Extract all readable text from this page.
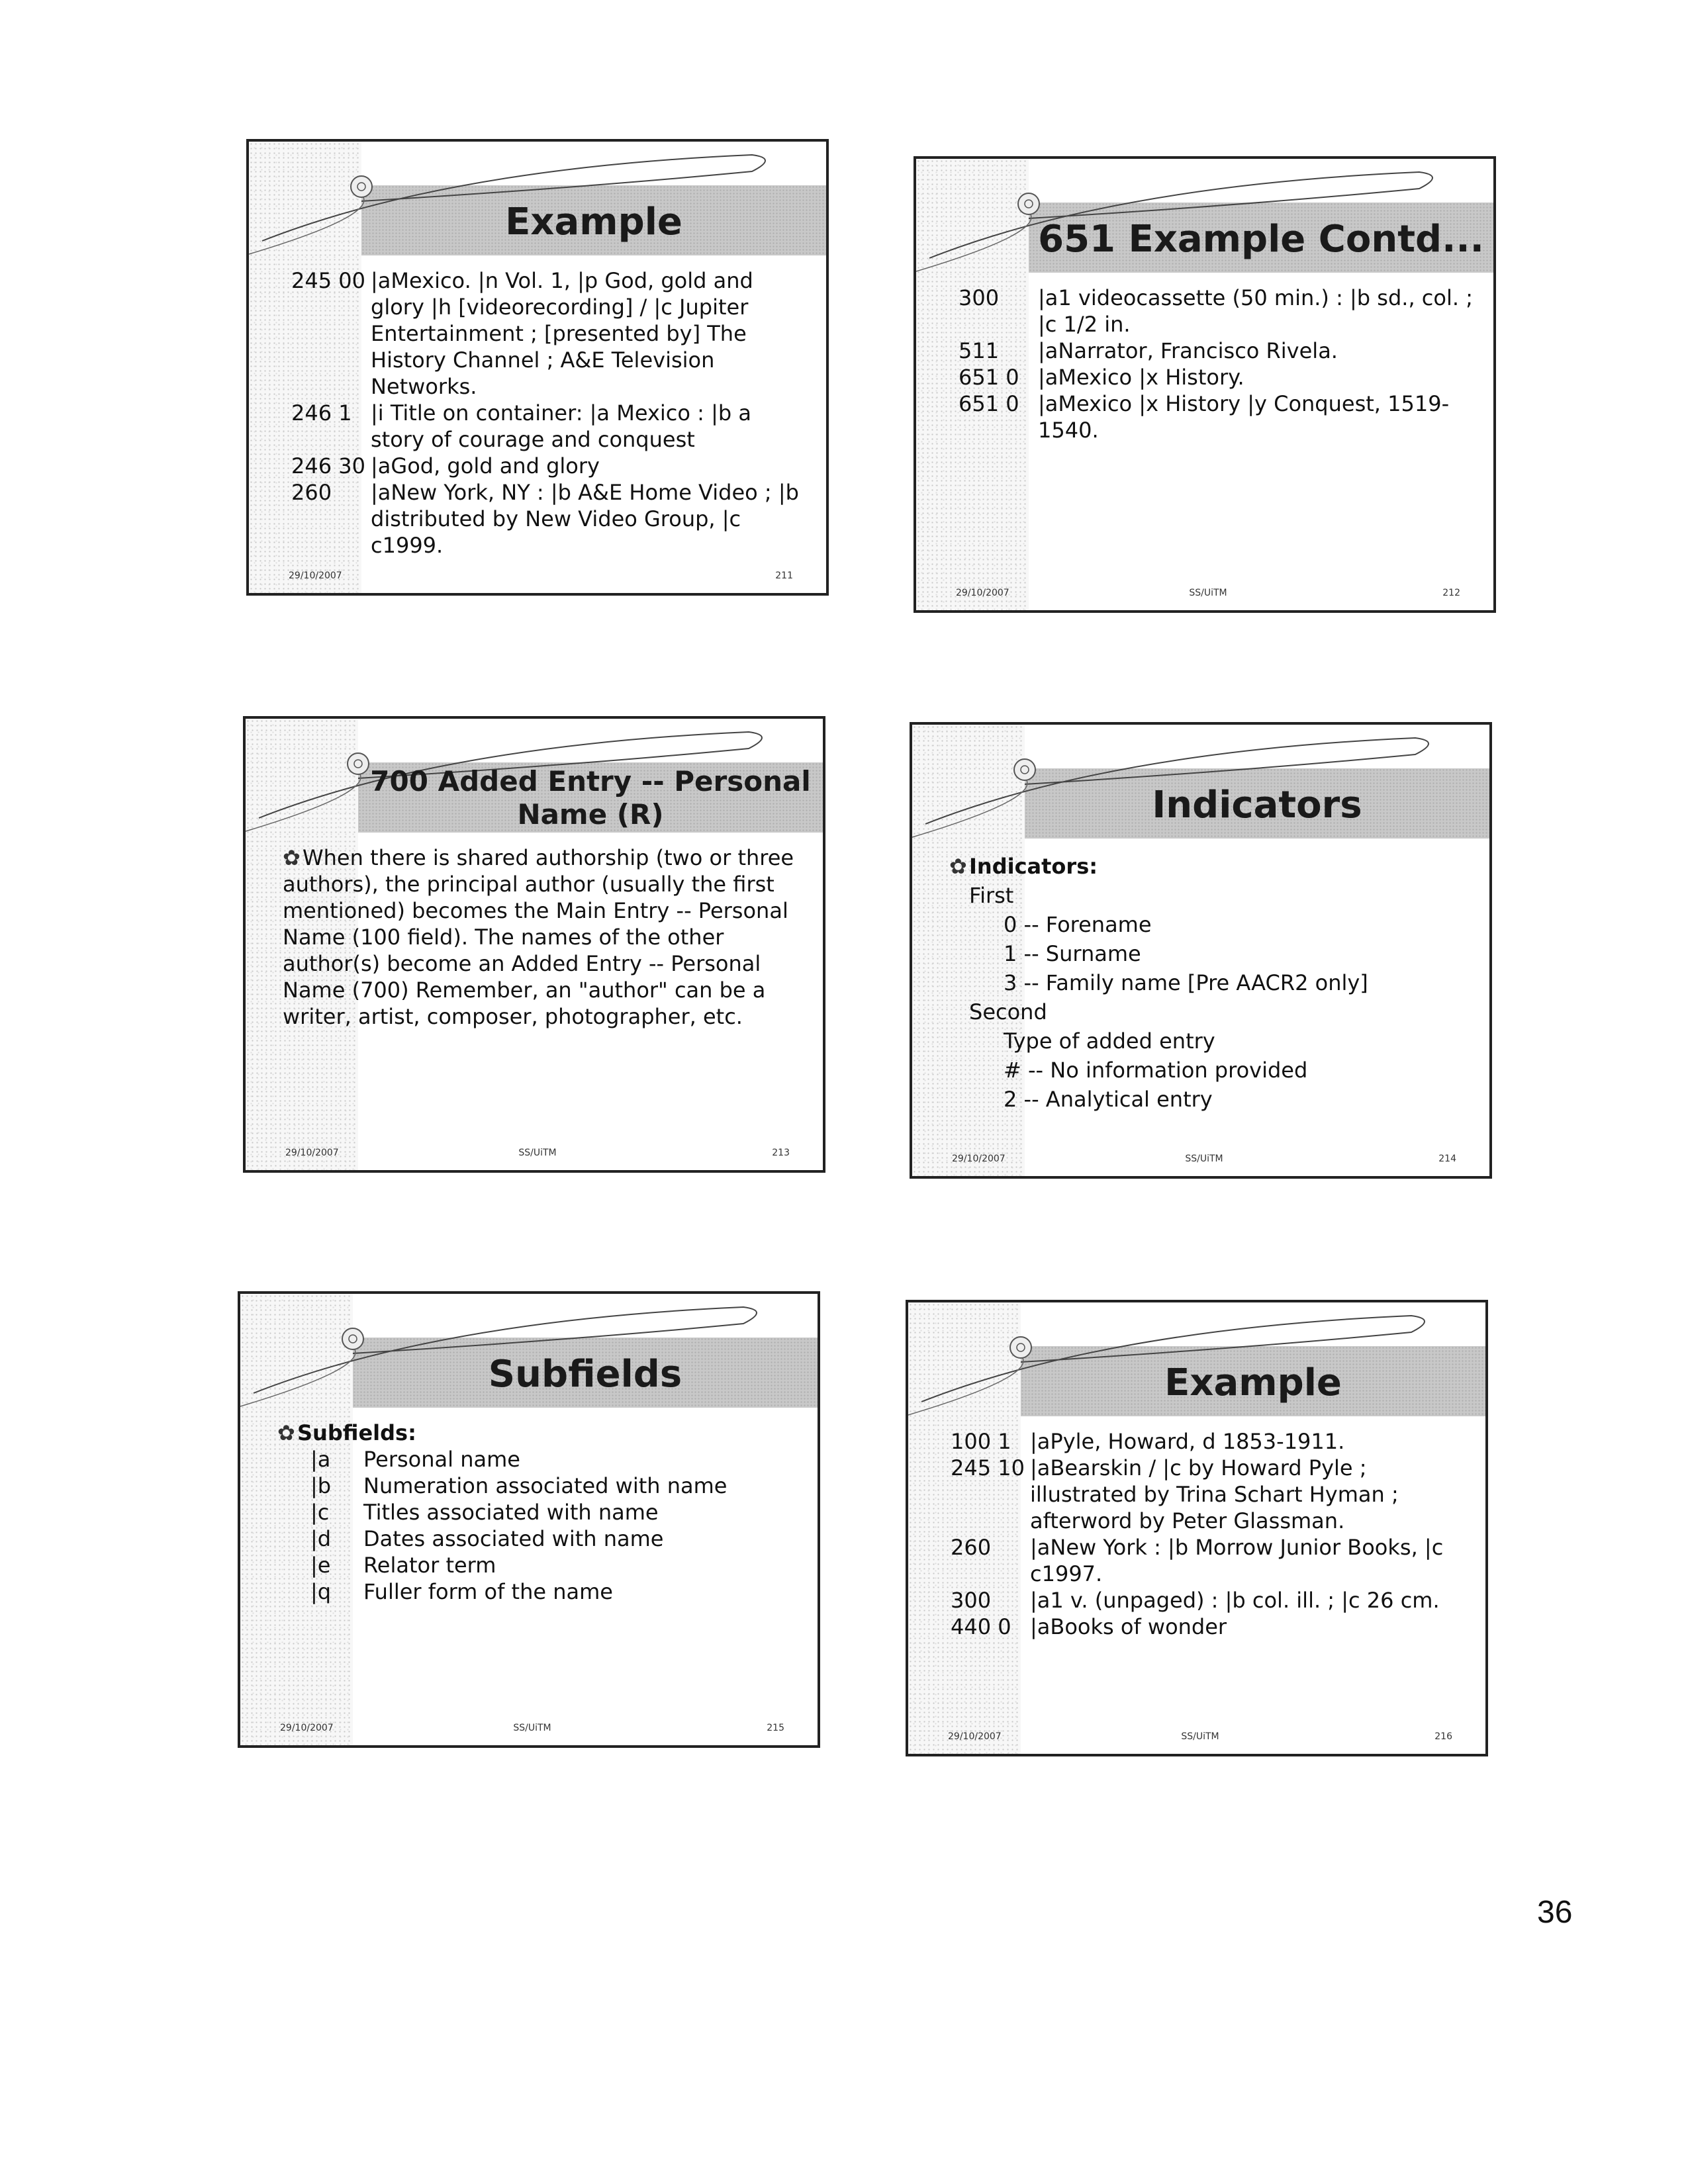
Example
245 00 |aMexico. |n Vol. 1, |p God, gold and glory |h [videorecording] / |c Jupiter Entertainment ; [presented by] The History Channel ; A&E Television Networks.
246 1 |i Title on container: |a Mexico : |b a story of courage and conquest
246 30 |aGod, gold and glory
260	|aNew York, NY : |b A&E Home Video ; |b distributed by New Video Group, |c c1999.
29/10/2007	211
651 Example Contd...
300	|a1 videocassette (50 min.) : |b sd., col. ; |c 1/2 in.
511	|aNarrator, Francisco Rivela.
651 0 |aMexico |x History.
651 0 |aMexico |x History |y Conquest, 1519-1540.
29/10/2007	SS/UiTM	212
700 Added Entry -- Personal
Name (R)
✿When there is shared authorship (two or three authors), the principal author (usually the first mentioned) becomes the Main Entry -- Personal Name (100 field). The names of the other author(s) become an Added Entry -- Personal Name (700) Remember, an "author" can be a writer, artist, composer, photographer, etc.
29/10/2007	SS/UiTM	213
Indicators
✿Indicators:
First
0 -- Forename
1 -- Surname
3 -- Family name [Pre AACR2 only]
Second
Type of added entry
# -- No information provided
2 -- Analytical entry
29/10/2007	SS/UiTM	214
Subfields
✿Subfields:
|a	Personal name
|b	Numeration associated with name
|c	Titles associated with name
|d	Dates associated with name
|e	Relator term
|q	Fuller form of the name
29/10/2007	SS/UiTM	215
Example
100 1 |aPyle, Howard, d 1853-1911.
245 10 |aBearskin / |c by Howard Pyle ; illustrated by Trina Schart Hyman ; afterword by Peter Glassman.
260	|aNew York : |b Morrow Junior Books, |c c1997.
300	|a1 v. (unpaged) : |b col. ill. ; |c 26 cm.
440 0 |aBooks of wonder
29/10/2007	SS/UiTM	216
36
